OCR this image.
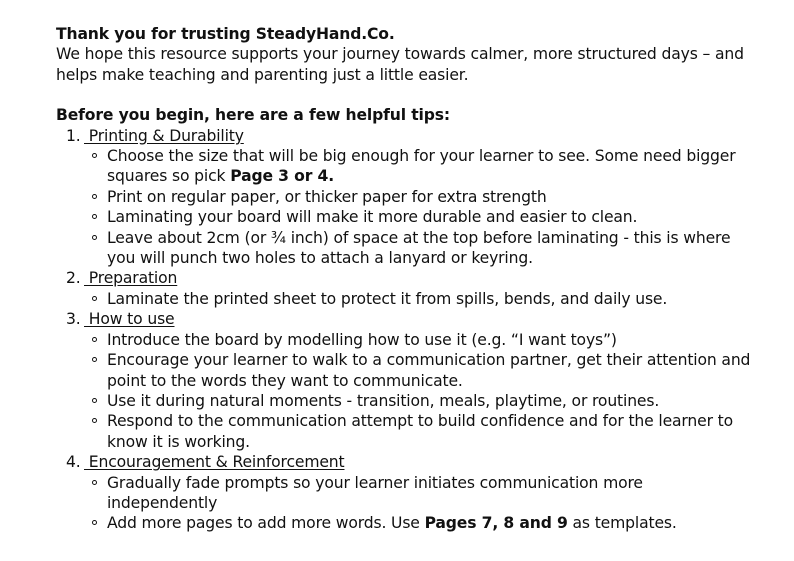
Thank you for trusting SteadyHand.Co.

We hope this resource supports your journey towards calmer, more structured days – and

helps make teaching and parenting just a little easier.

Before you begin, here are a few helpful tips:

1. Printing & Durability
Choose the size that will be big enough for your learner to see. Some need bigger
squares so pick Page 3 or 4.
Print on regular paper, or thicker paper for extra strength
Laminating your board will make it more durable and easier to clean.
Leave about 2cm (or ¾ inch) of space at the top before laminating - this is where
you will punch two holes to attach a lanyard or keyring.
2. Preparation
Laminate the printed sheet to protect it from spills, bends, and daily use.
3. How to use
Introduce the board by modelling how to use it (e.g. “I want toys”)
Encourage your learner to walk to a communication partner, get their attention and
point to the words they want to communicate.
Use it during natural moments - transition, meals, playtime, or routines.
Respond to the communication attempt to build confidence and for the learner to
know it is working.
4. Encouragement & Reinforcement
Gradually fade prompts so your learner initiates communication more
independently
Add more pages to add more words. Use Pages 7, 8 and 9 as templates.
